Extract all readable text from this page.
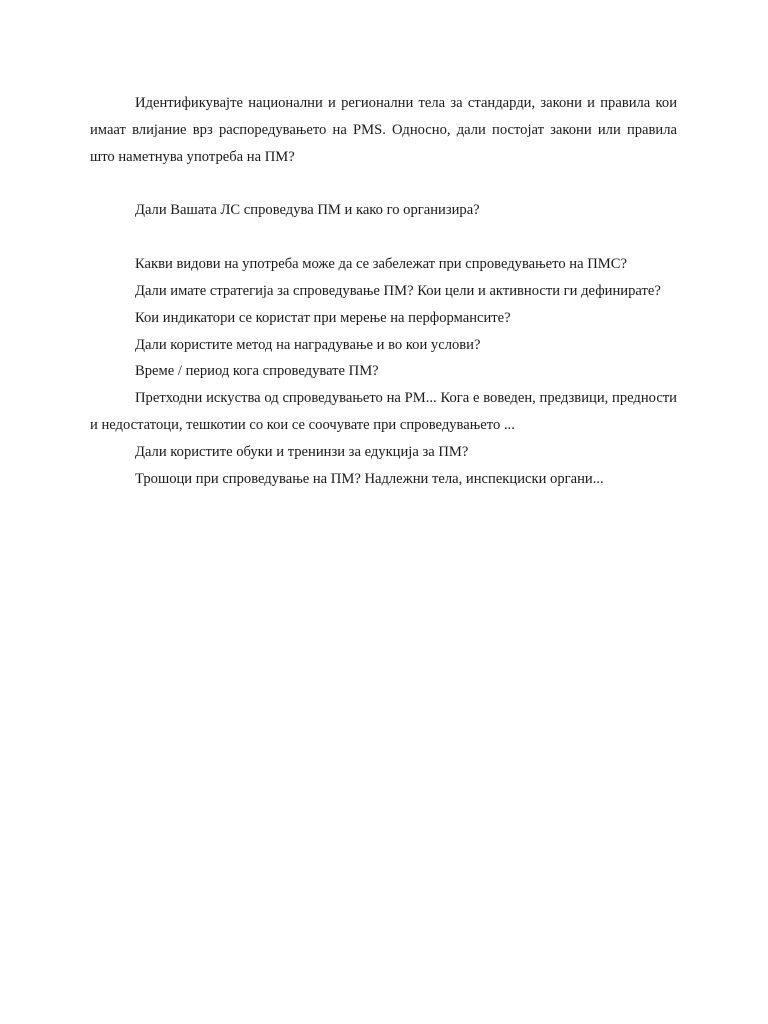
Идентификувајте национални и регионални тела за стандарди, закони и правила кои имаат влијание врз распоредувањето на PMS. Односно, дали постојат закони или правила што наметнува употреба на ПМ?

Дали Вашата ЛС спроведува ПМ и како го организира?

Какви видови на употреба може да се забележат при спроведувањето на ПМС?

Дали имате стратегија за спроведување ПМ? Кои цели и активности ги дефинирате?

Кои индикатори се користат при мерење на перформансите?

Дали користите метод на наградување и во кои услови?

Време / период кога спроведувате ПМ?

Претходни искуства од спроведувањето на PM... Кога е воведен, предзвици, предности и недостатоци, тешкотии со кои се соочувате при спроведувањето ...

Дали користите обуки и тренинзи за едукција за ПМ?

Трошоци при спроведување на ПМ? Надлежни тела, инспекциски органи...
